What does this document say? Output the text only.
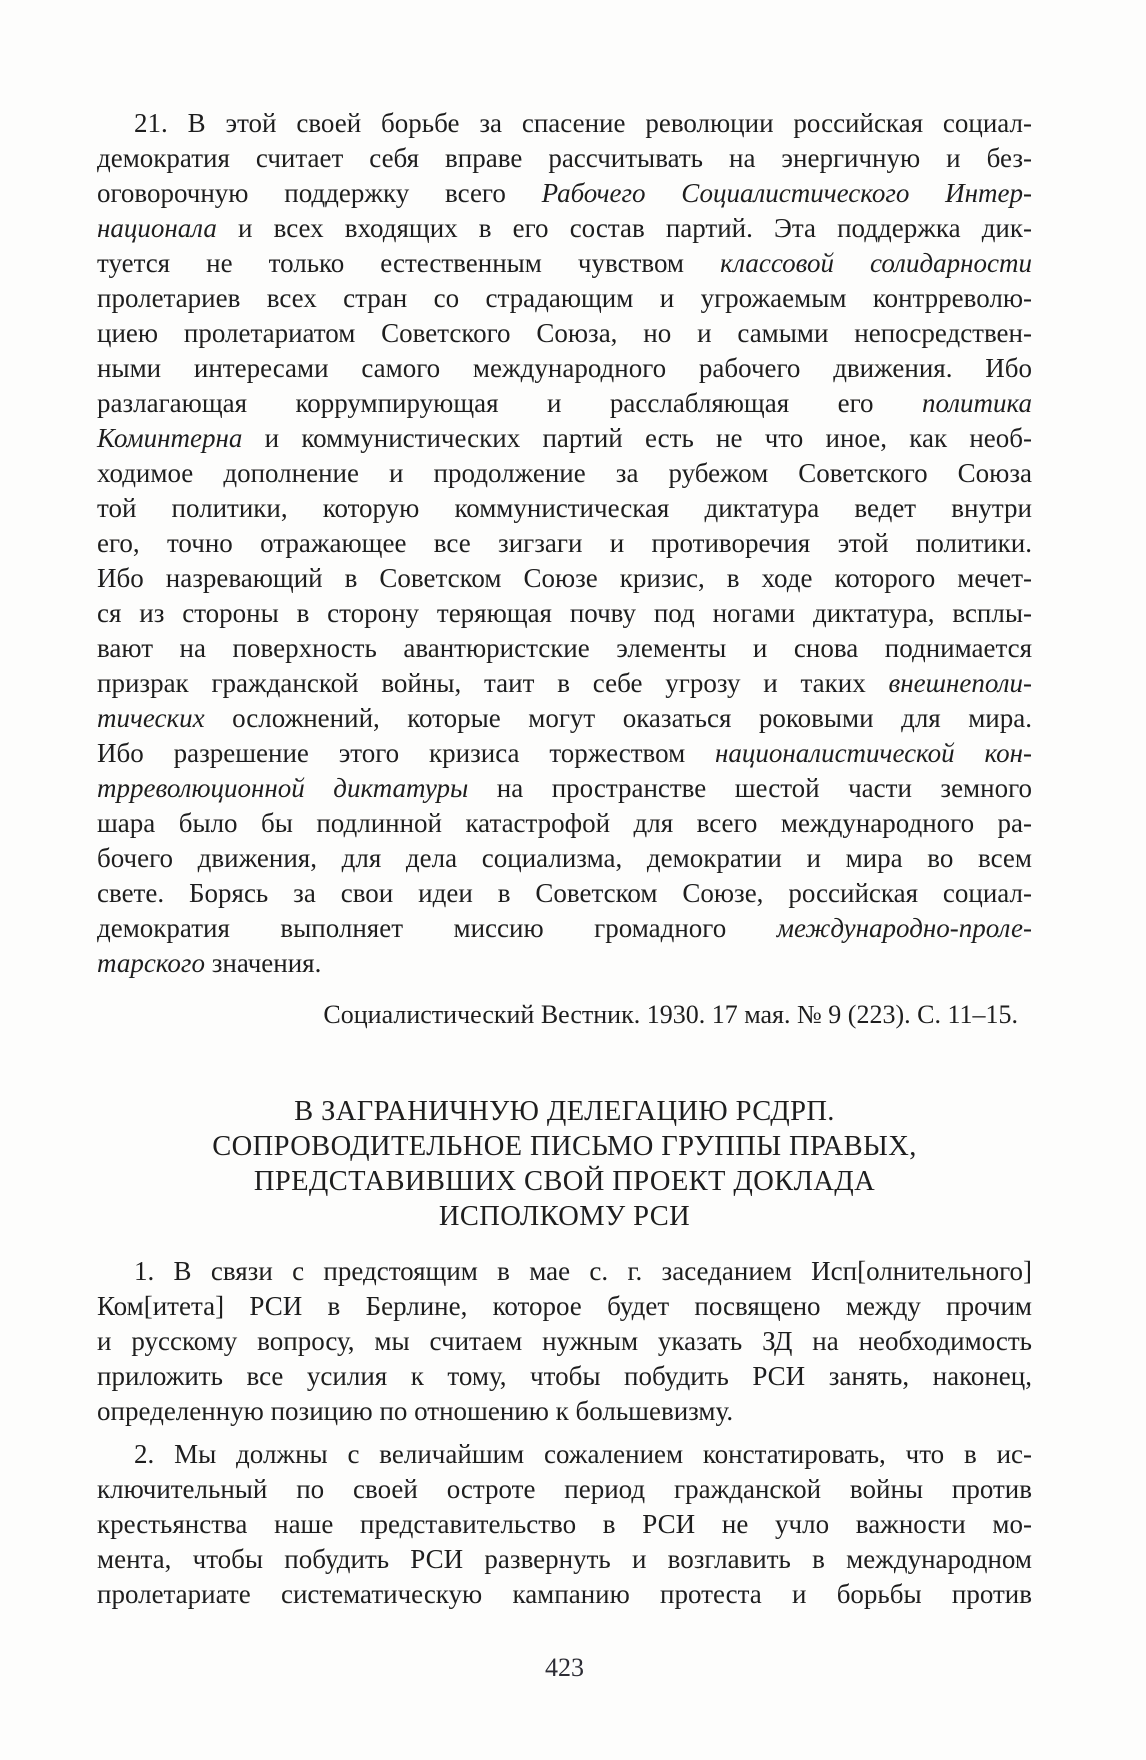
21. В этой своей борьбе за спасение революции российская социал-
демократия считает себя вправе рассчитывать на энергичную и без-
оговорочную поддержку всего Рабочего Социалистического Интер-
национала и всех входящих в его состав партий. Эта поддержка дик-
туется не только естественным чувством классовой солидарности
пролетариев всех стран со страдающим и угрожаемым контрреволю-
циею пролетариатом Советского Союза, но и самыми непосредствен-
ными интересами самого международного рабочего движения. Ибо
разлагающая коррумпирующая и расслабляющая его политика
Коминтерна и коммунистических партий есть не что иное, как необ-
ходимое дополнение и продолжение за рубежом Советского Союза
той политики, которую коммунистическая диктатура ведет внутри
его, точно отражающее все зигзаги и противоречия этой политики.
Ибо назревающий в Советском Союзе кризис, в ходе которого мечет-
ся из стороны в сторону теряющая почву под ногами диктатура, всплы-
вают на поверхность авантюристские элементы и снова поднимается
призрак гражданской войны, таит в себе угрозу и таких внешнеполи-
тических осложнений, которые могут оказаться роковыми для мира.
Ибо разрешение этого кризиса торжеством националистической кон-
трреволюционной диктатуры на пространстве шестой части земного
шара было бы подлинной катастрофой для всего международного ра-
бочего движения, для дела социализма, демократии и мира во всем
свете. Борясь за свои идеи в Советском Союзе, российская социал-
демократия выполняет миссию громадного международно-проле-
тарского значения.
Социалистический Вестник. 1930. 17 мая. № 9 (223). С. 11–15.
В ЗАГРАНИЧНУЮ ДЕЛЕГАЦИЮ РСДРП.
СОПРОВОДИТЕЛЬНОЕ ПИСЬМО ГРУППЫ ПРАВЫХ,
ПРЕДСТАВИВШИХ СВОЙ ПРОЕКТ ДОКЛАДА
ИСПОЛКОМУ РСИ
1. В связи с предстоящим в мае с. г. заседанием Исп[олнительного]
Ком[итета] РСИ в Берлине, которое будет посвящено между прочим
и русскому вопросу, мы считаем нужным указать ЗД на необходимость
приложить все усилия к тому, чтобы побудить РСИ занять, наконец,
определенную позицию по отношению к большевизму.
2. Мы должны с величайшим сожалением констатировать, что в ис-
ключительный по своей остроте период гражданской войны против
крестьянства наше представительство в РСИ не учло важности мо-
мента, чтобы побудить РСИ развернуть и возглавить в международном
пролетариате систематическую кампанию протеста и борьбы против
423
